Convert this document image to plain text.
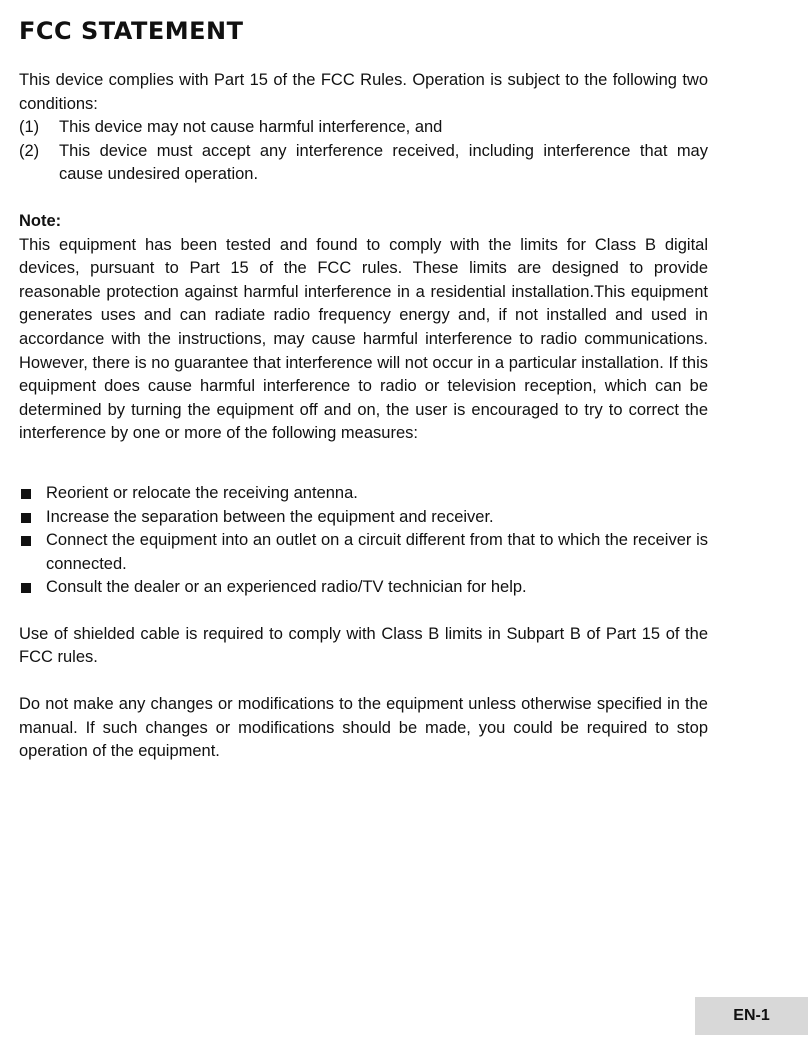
FCC STATEMENT

This device complies with Part 15 of the FCC Rules. Operation is subject to the following two conditions:

(1)	This device may not cause harmful interference, and
(2)	This device must accept any interference received, including interference that may cause undesired operation.
Note:

This equipment has been tested and found to comply with the limits for Class B digital devices, pursuant to Part 15 of the FCC rules. These limits are designed to provide reasonable protection against harmful interference in a residential installation.This equipment generates uses and can radiate radio frequency energy and, if not installed and used in accordance with the instructions, may cause harmful interference to radio communications. However, there is no guarantee that interference will not occur in a particular installation. If this equipment does cause harmful interference to radio or television reception, which can be determined by turning the equipment off and on, the user is encouraged to try to correct the interference by one or more of the following measures:

Reorient or relocate the receiving antenna.
Increase the separation between the equipment and receiver.
Connect the equipment into an outlet on a circuit different from that to which the receiver is connected.
Consult the dealer or an experienced radio/TV technician for help.

Use of shielded cable is required to comply with Class B limits in Subpart B of Part 15 of the FCC rules.

Do not make any changes or modifications to the equipment unless otherwise specified in the manual. If such changes or modifications should be made, you could be required to stop operation of the equipment.

EN-1
